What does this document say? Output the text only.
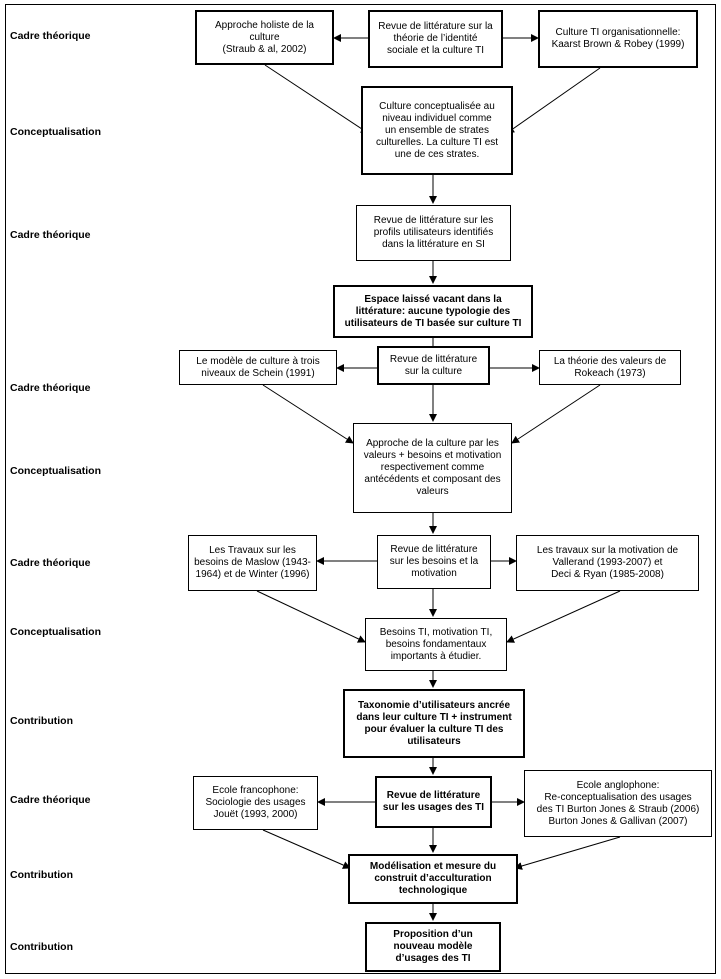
Cadre théorique
Conceptualisation
Cadre théorique
Cadre théorique
Conceptualisation
Cadre théorique
Conceptualisation
Contribution
Cadre théorique
Contribution
Contribution
Approche holiste de la
culture
(Straub & al, 2002)
Revue de littérature sur la
théorie de l’identité
sociale et la culture TI
Culture TI organisationnelle:
Kaarst Brown & Robey (1999)
Culture conceptualisée au
niveau individuel comme
un ensemble de strates
culturelles. La culture TI est
une de ces strates.
Revue de littérature sur les
profils utilisateurs identifiés
dans la littérature en SI
Espace laissé vacant dans la
littérature: aucune typologie des
utilisateurs de TI basée sur culture TI
Le modèle de culture à trois
niveaux de Schein (1991)
Revue de littérature
sur la culture
La théorie des valeurs de
Rokeach (1973)
Approche de la culture par les
valeurs + besoins et motivation
respectivement comme
antécédents et composant des
valeurs
Les Travaux sur les
besoins de Maslow (1943-
1964) et de Winter (1996)
Revue de littérature
sur les besoins et la
motivation
Les travaux sur la motivation de
Vallerand (1993-2007) et
Deci & Ryan (1985-2008)
Besoins TI, motivation TI,
besoins fondamentaux
importants à étudier.
Taxonomie d’utilisateurs ancrée
dans leur culture TI + instrument
pour évaluer la culture TI des
utilisateurs
Ecole francophone:
Sociologie des usages
Jouët (1993, 2000)
Revue de littérature
sur les usages des TI
Ecole anglophone:
Re-conceptualisation des usages
des TI Burton Jones & Straub (2006)
Burton Jones & Gallivan (2007)
Modélisation et mesure du
construit d’acculturation
technologique
Proposition d’un
nouveau modèle
d’usages des TI
